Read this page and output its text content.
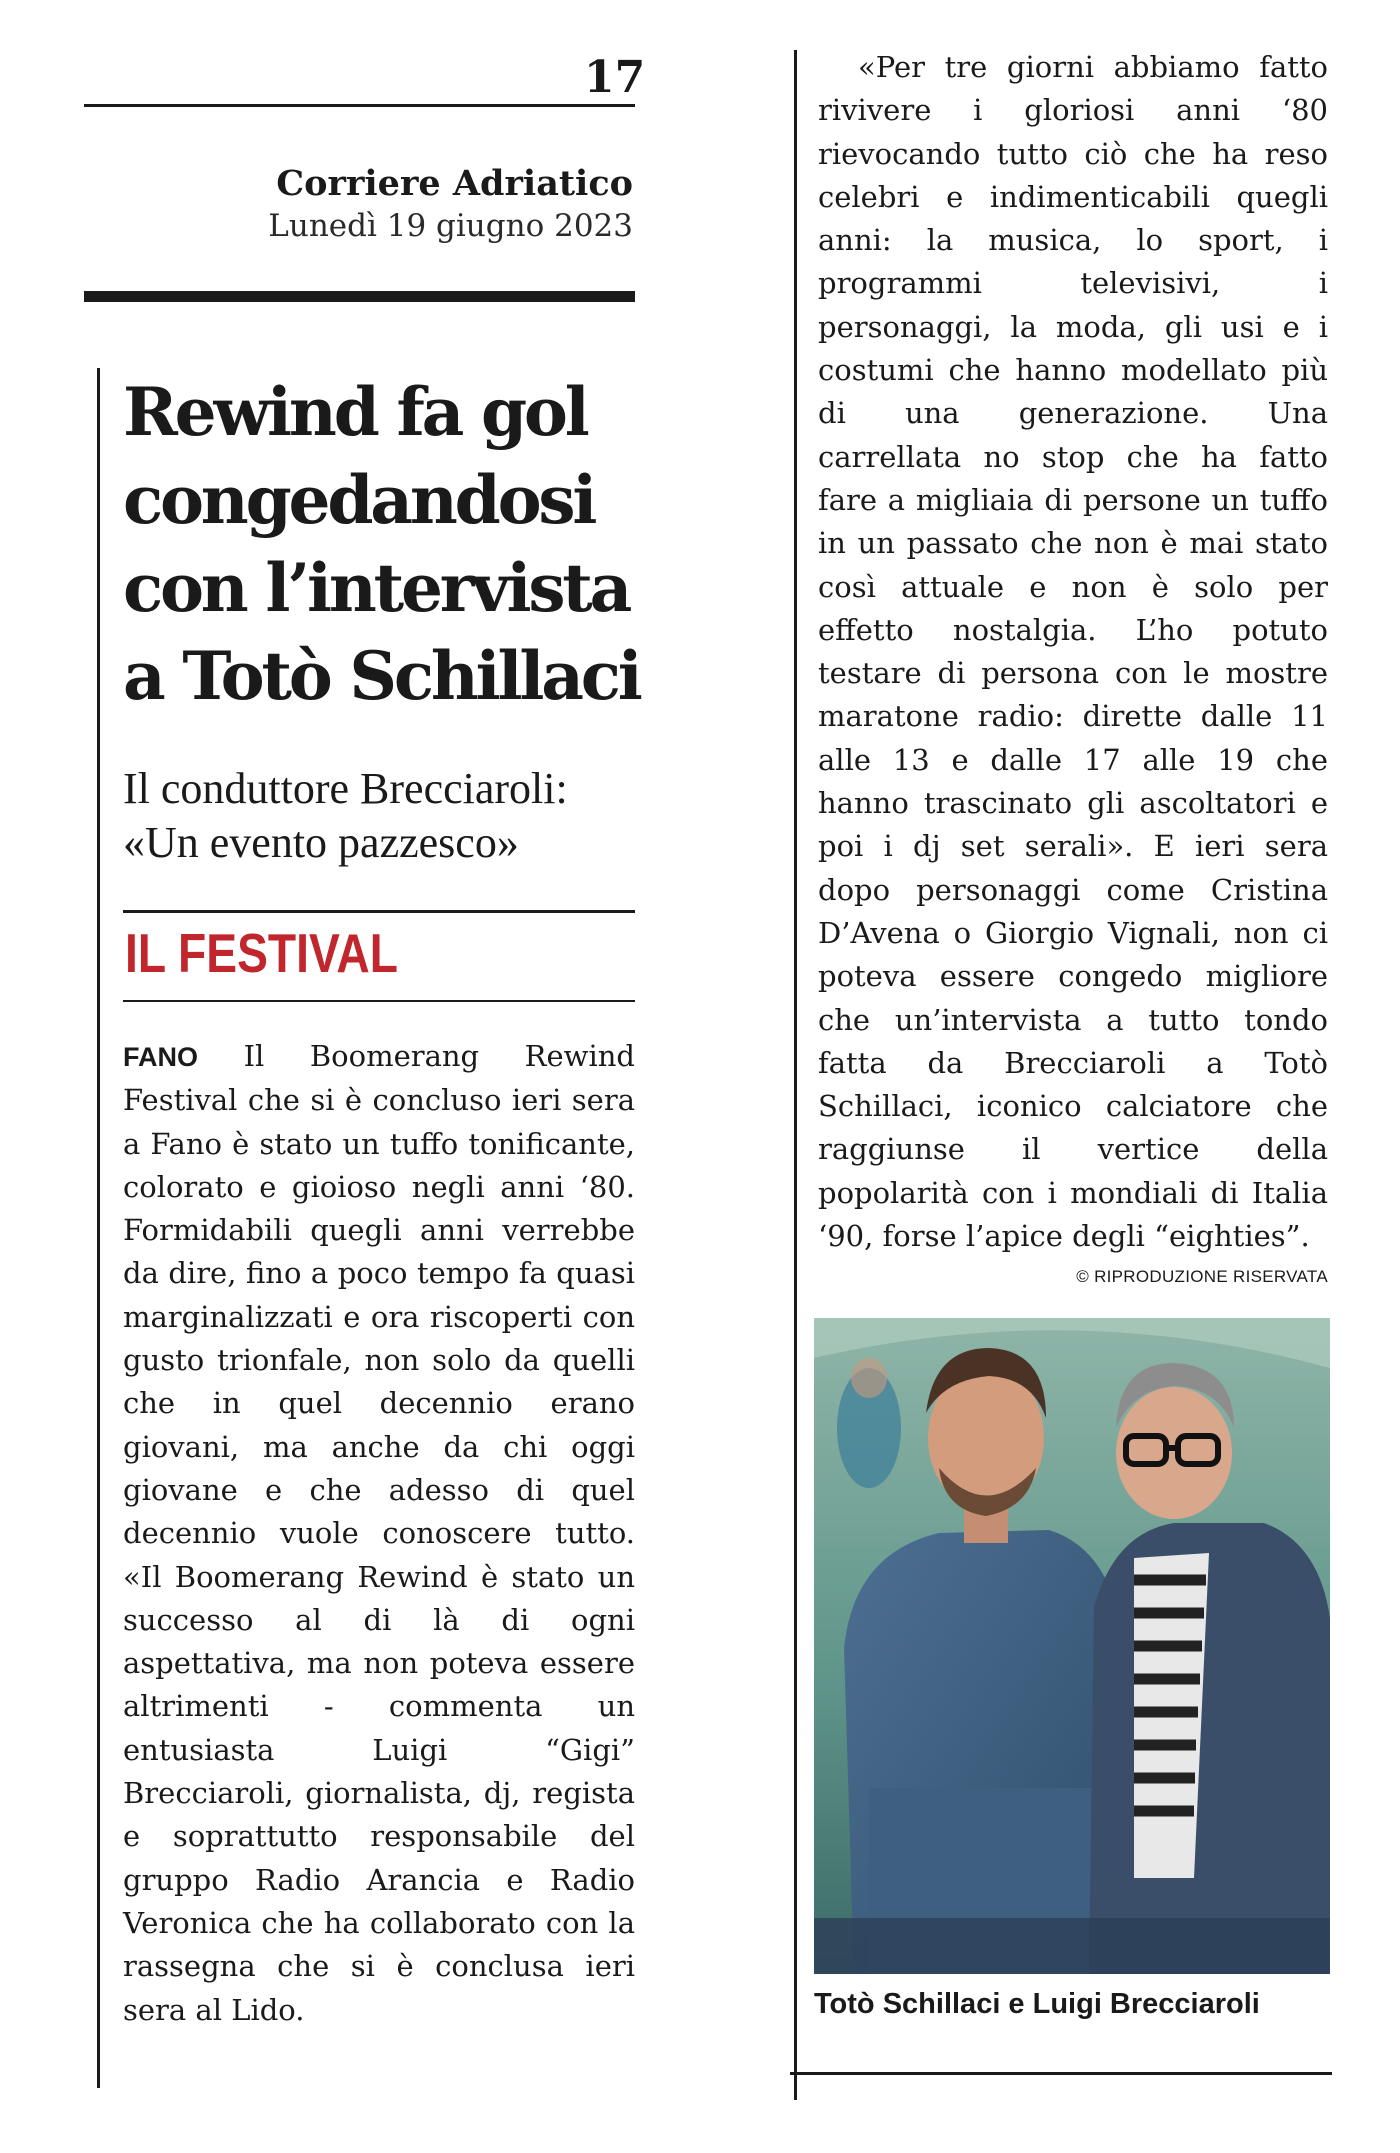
17
Corriere Adriatico
Lunedì 19 giugno 2023
Rewind fa gol congedandosi con l’intervista a Totò Schillaci
Il conduttore Brecciaroli: «Un evento pazzesco»
IL FESTIVAL
FANO Il Boomerang Rewind Festival che si è concluso ieri sera a Fano è stato un tuffo tonificante, colorato e gioioso negli anni ‘80. Formidabili quegli anni verrebbe da dire, fino a poco tempo fa quasi marginalizzati e ora riscoperti con gusto trionfale, non solo da quelli che in quel decennio erano giovani, ma anche da chi oggi giovane e che adesso di quel decennio vuole conoscere tutto. «Il Boomerang Rewind è stato un successo al di là di ogni aspettativa, ma non poteva essere altrimenti - commenta un entusiasta Luigi “Gigi” Brecciaroli, giornalista, dj, regista e soprattutto responsabile del gruppo Radio Arancia e Radio Veronica che ha collaborato con la rassegna che si è conclusa ieri sera al Lido.
«Per tre giorni abbiamo fatto rivivere i gloriosi anni ‘80 rievocando tutto ciò che ha reso celebri e indimenticabili quegli anni: la musica, lo sport, i programmi televisivi, i personaggi, la moda, gli usi e i costumi che hanno modellato più di una generazione. Una carrellata no stop che ha fatto fare a migliaia di persone un tuffo in un passato che non è mai stato così attuale e non è solo per effetto nostalgia. L’ho potuto testare di persona con le mostre maratone radio: dirette dalle 11 alle 13 e dalle 17 alle 19 che hanno trascinato gli ascoltatori e poi i dj set serali». E ieri sera dopo personaggi come Cristina D’Avena o Giorgio Vignali, non ci poteva essere congedo migliore che un’intervista a tutto tondo fatta da Brecciaroli a Totò Schillaci, iconico calciatore che raggiunse il vertice della popolarità con i mondiali di Italia ‘90, forse l’apice degli “eighties”.
© RIPRODUZIONE RISERVATA
Totò Schillaci e Luigi Brecciaroli
